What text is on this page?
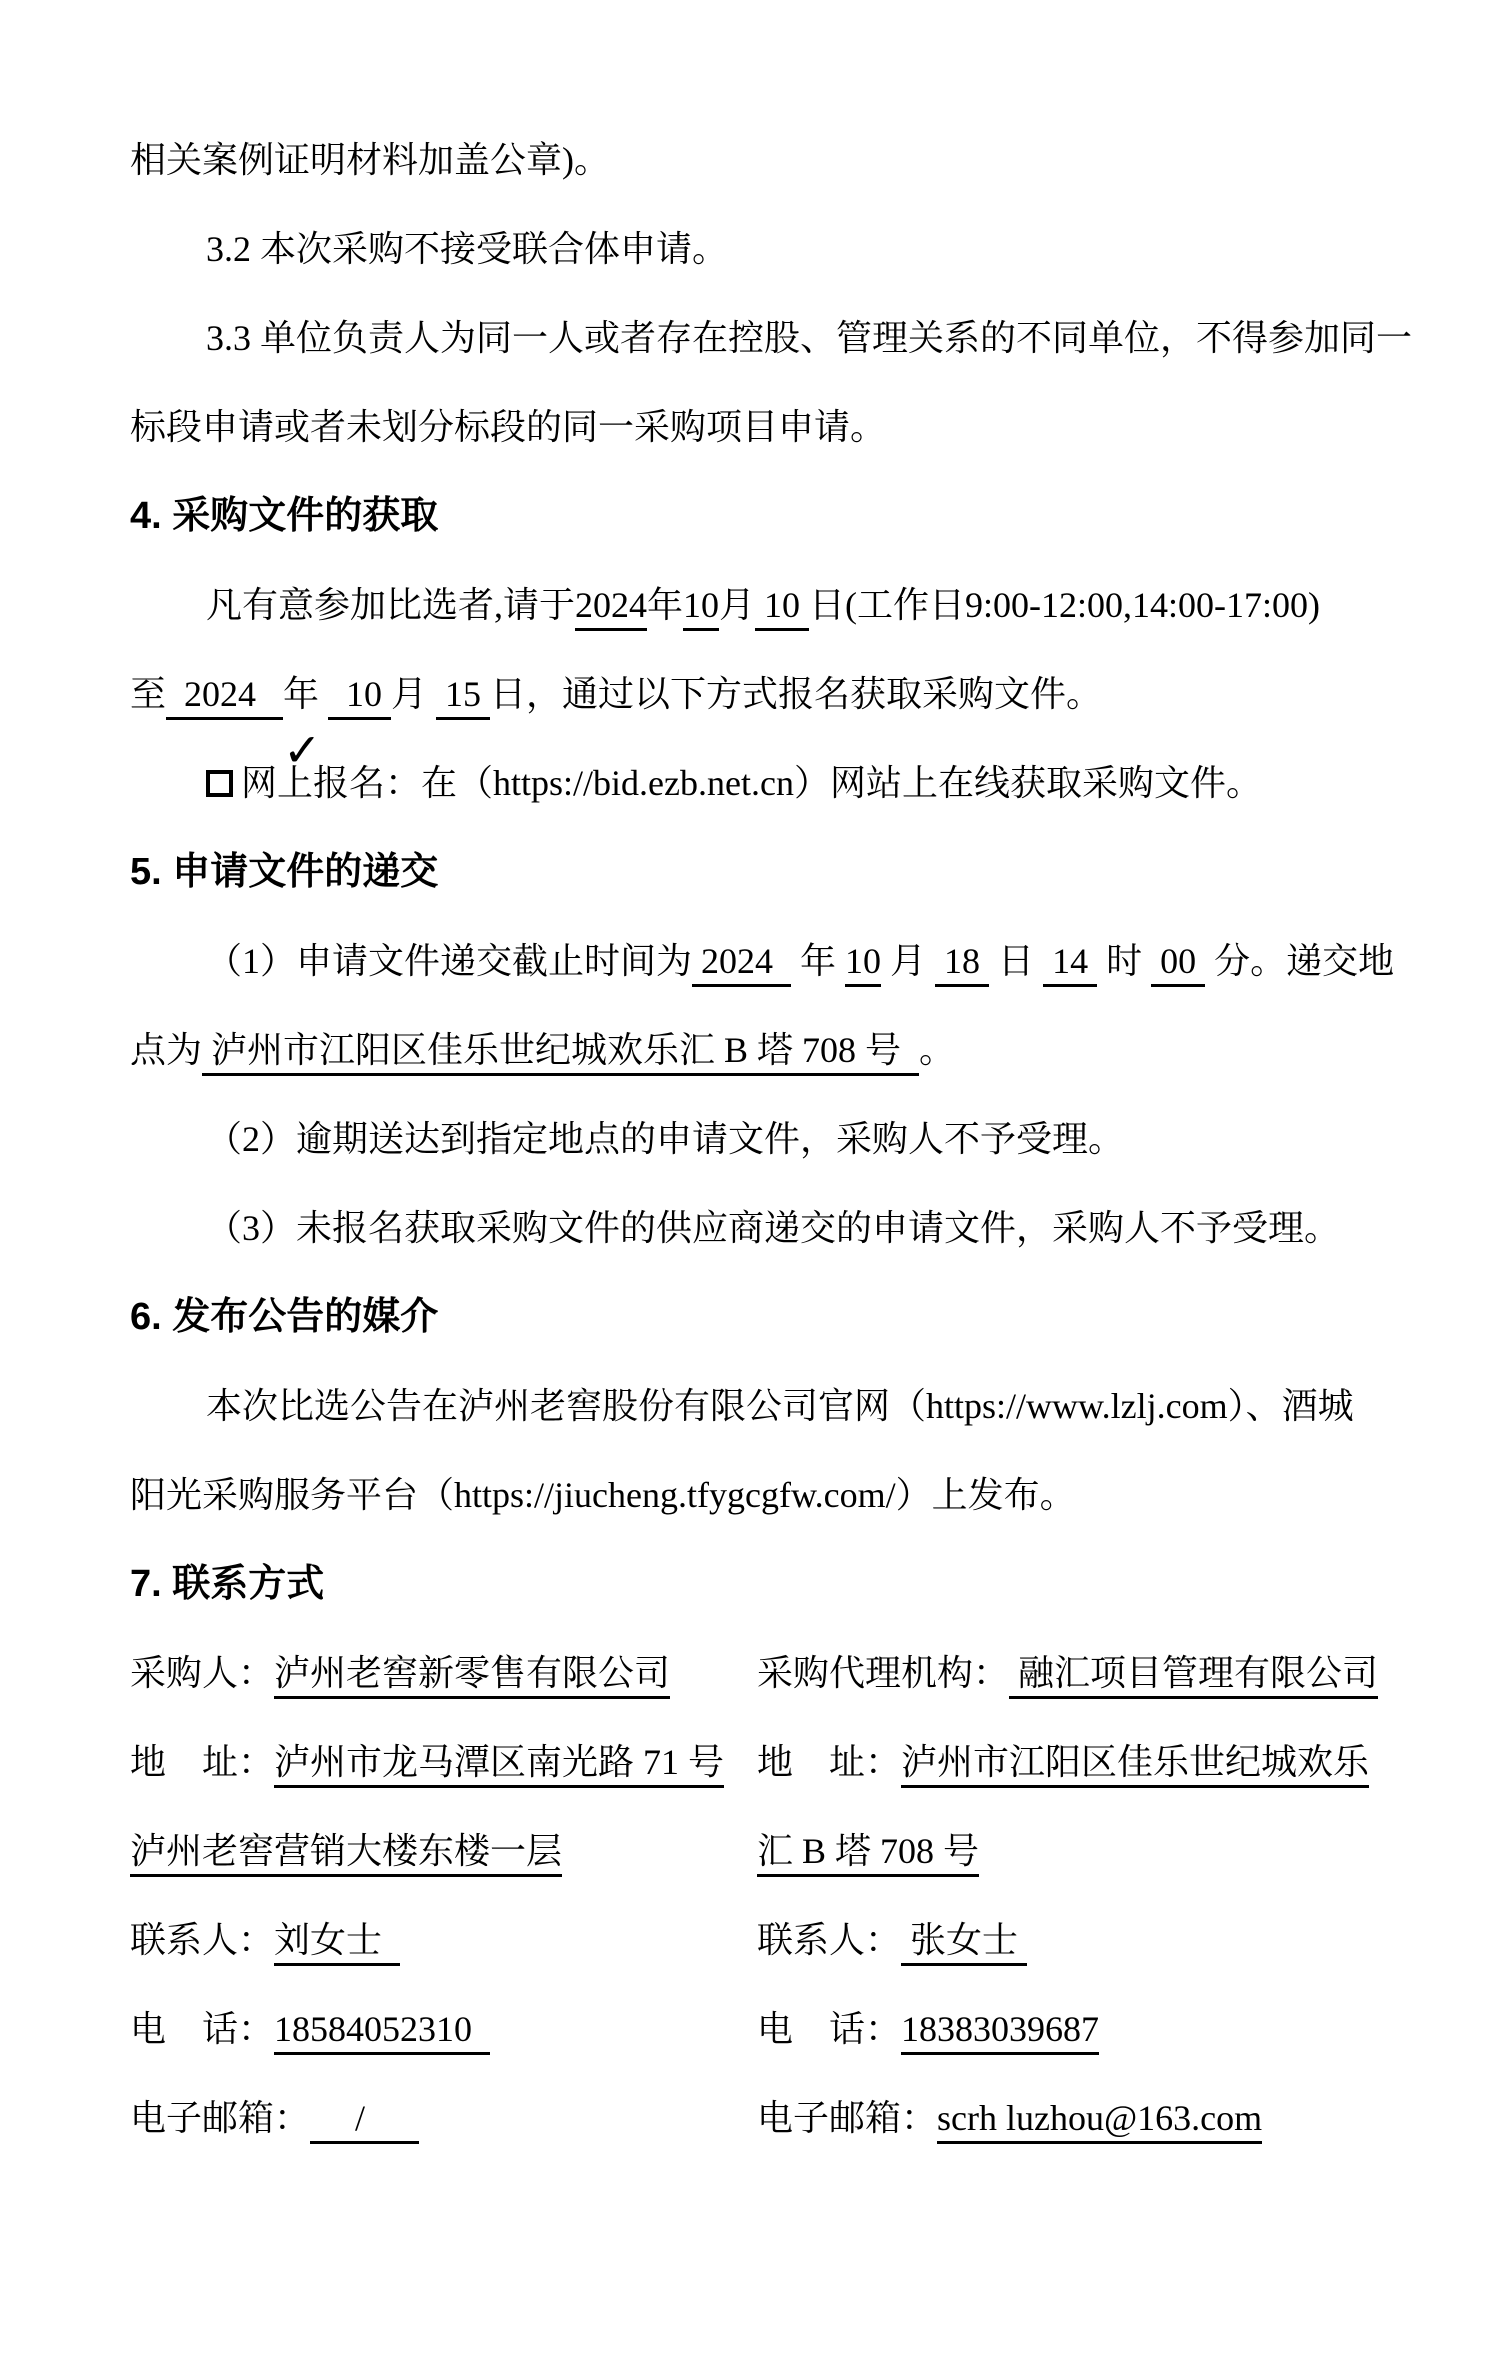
相关案例证明材料加盖公章)。
3.2 本次采购不接受联合体申请。
3.3 单位负责人为同一人或者存在控股、管理关系的不同单位，不得参加同一
标段申请或者未划分标段的同一采购项目申请。
4. 采购文件的获取
凡有意参加比选者,请于2024年10月 10 日(工作日9:00-12:00,14:00-17:00)
至  2024   年   10 月  15 日，通过以下方式报名获取采购文件。
✓
网上报名：在（https://bid.ezb.net.cn）网站上在线获取采购文件。
5. 申请文件的递交
（1）申请文件递交截止时间为 2024   年 10 月  18  日  14  时  00  分。递交地
点为 泸州市江阳区佳乐世纪城欢乐汇 B 塔 708 号  。
（2）逾期送达到指定地点的申请文件，采购人不予受理。
（3）未报名获取采购文件的供应商递交的申请文件，采购人不予受理。
6. 发布公告的媒介
本次比选公告在泸州老窖股份有限公司官网（https://www.lzlj.com）、酒城
阳光采购服务平台（https://jiucheng.tfygcgfw.com/）上发布。
7. 联系方式
采购人：泸州老窖新零售有限公司 采购代理机构： 融汇项目管理有限公司
地　址：泸州市龙马潭区南光路 71 号 地　址：泸州市江阳区佳乐世纪城欢乐
泸州老窖营销大楼东楼一层	汇 B 塔 708 号
联系人：刘女士	联系人： 张女士
电　话：18584052310	电　话：18383039687
电子邮箱：     /	电子邮箱：scrh luzhou@163.com
